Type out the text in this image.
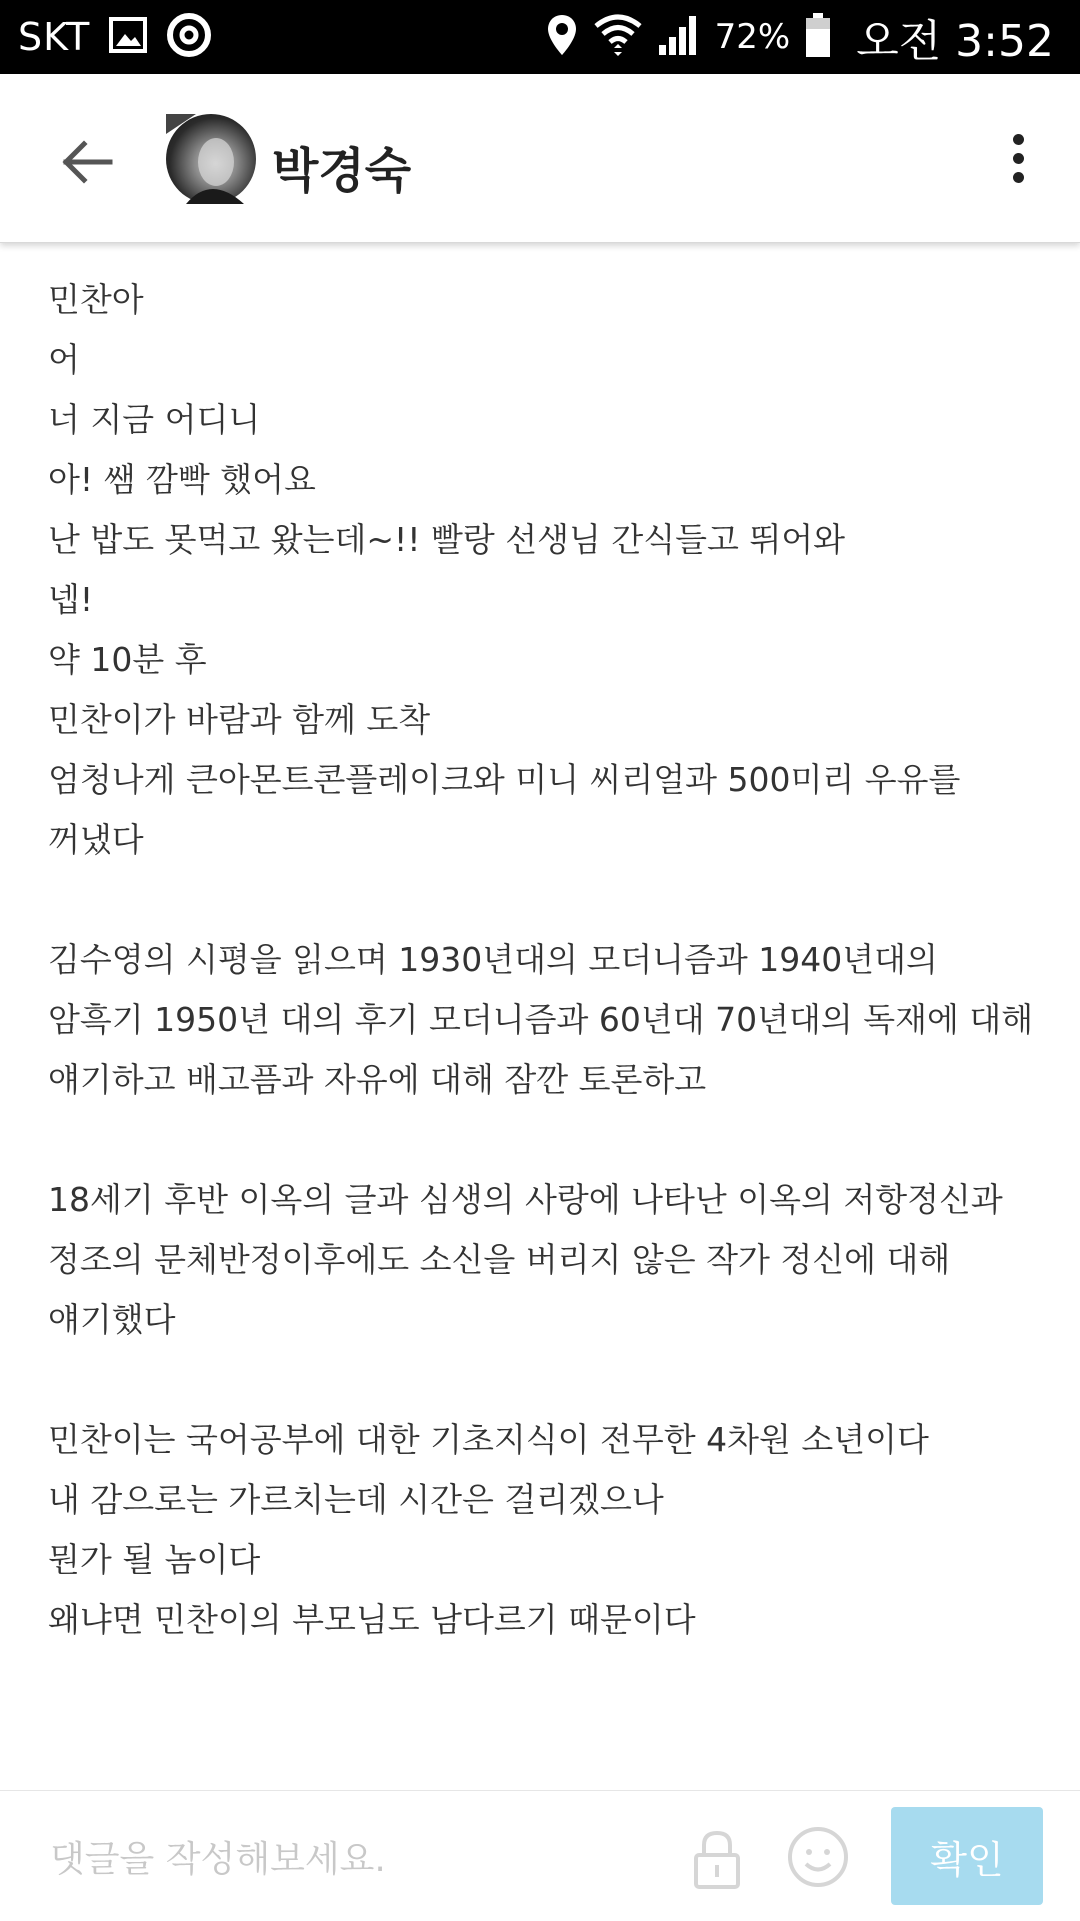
SKT	72% 오전 3:52
박경숙
민찬아
어
너 지금 어디니
아! 쌤 깜빡 했어요
난 밥도 못먹고 왔는데~!! 빨랑 선생님 간식들고 뛰어와
넵!
약 10분 후
민찬이가 바람과 함께 도착
엄청나게 큰아몬트콘플레이크와 미니 씨리얼과 500미리 우유를
꺼냈다
김수영의 시평을 읽으며 1930년대의 모더니즘과 1940년대의
암흑기 1950년 대의 후기 모더니즘과 60년대 70년대의 독재에 대해
얘기하고 배고픔과 자유에 대해 잠깐 토론하고
18세기 후반 이옥의 글과 심생의 사랑에 나타난 이옥의 저항정신과
정조의 문체반정이후에도 소신을 버리지 않은 작가 정신에 대해
얘기했다
민찬이는 국어공부에 대한 기초지식이 전무한 4차원 소년이다
내 감으로는 가르치는데 시간은 걸리겠으나
뭔가 될 놈이다
왜냐면 민찬이의 부모님도 남다르기 때문이다
댓글을 작성해보세요.
확인
